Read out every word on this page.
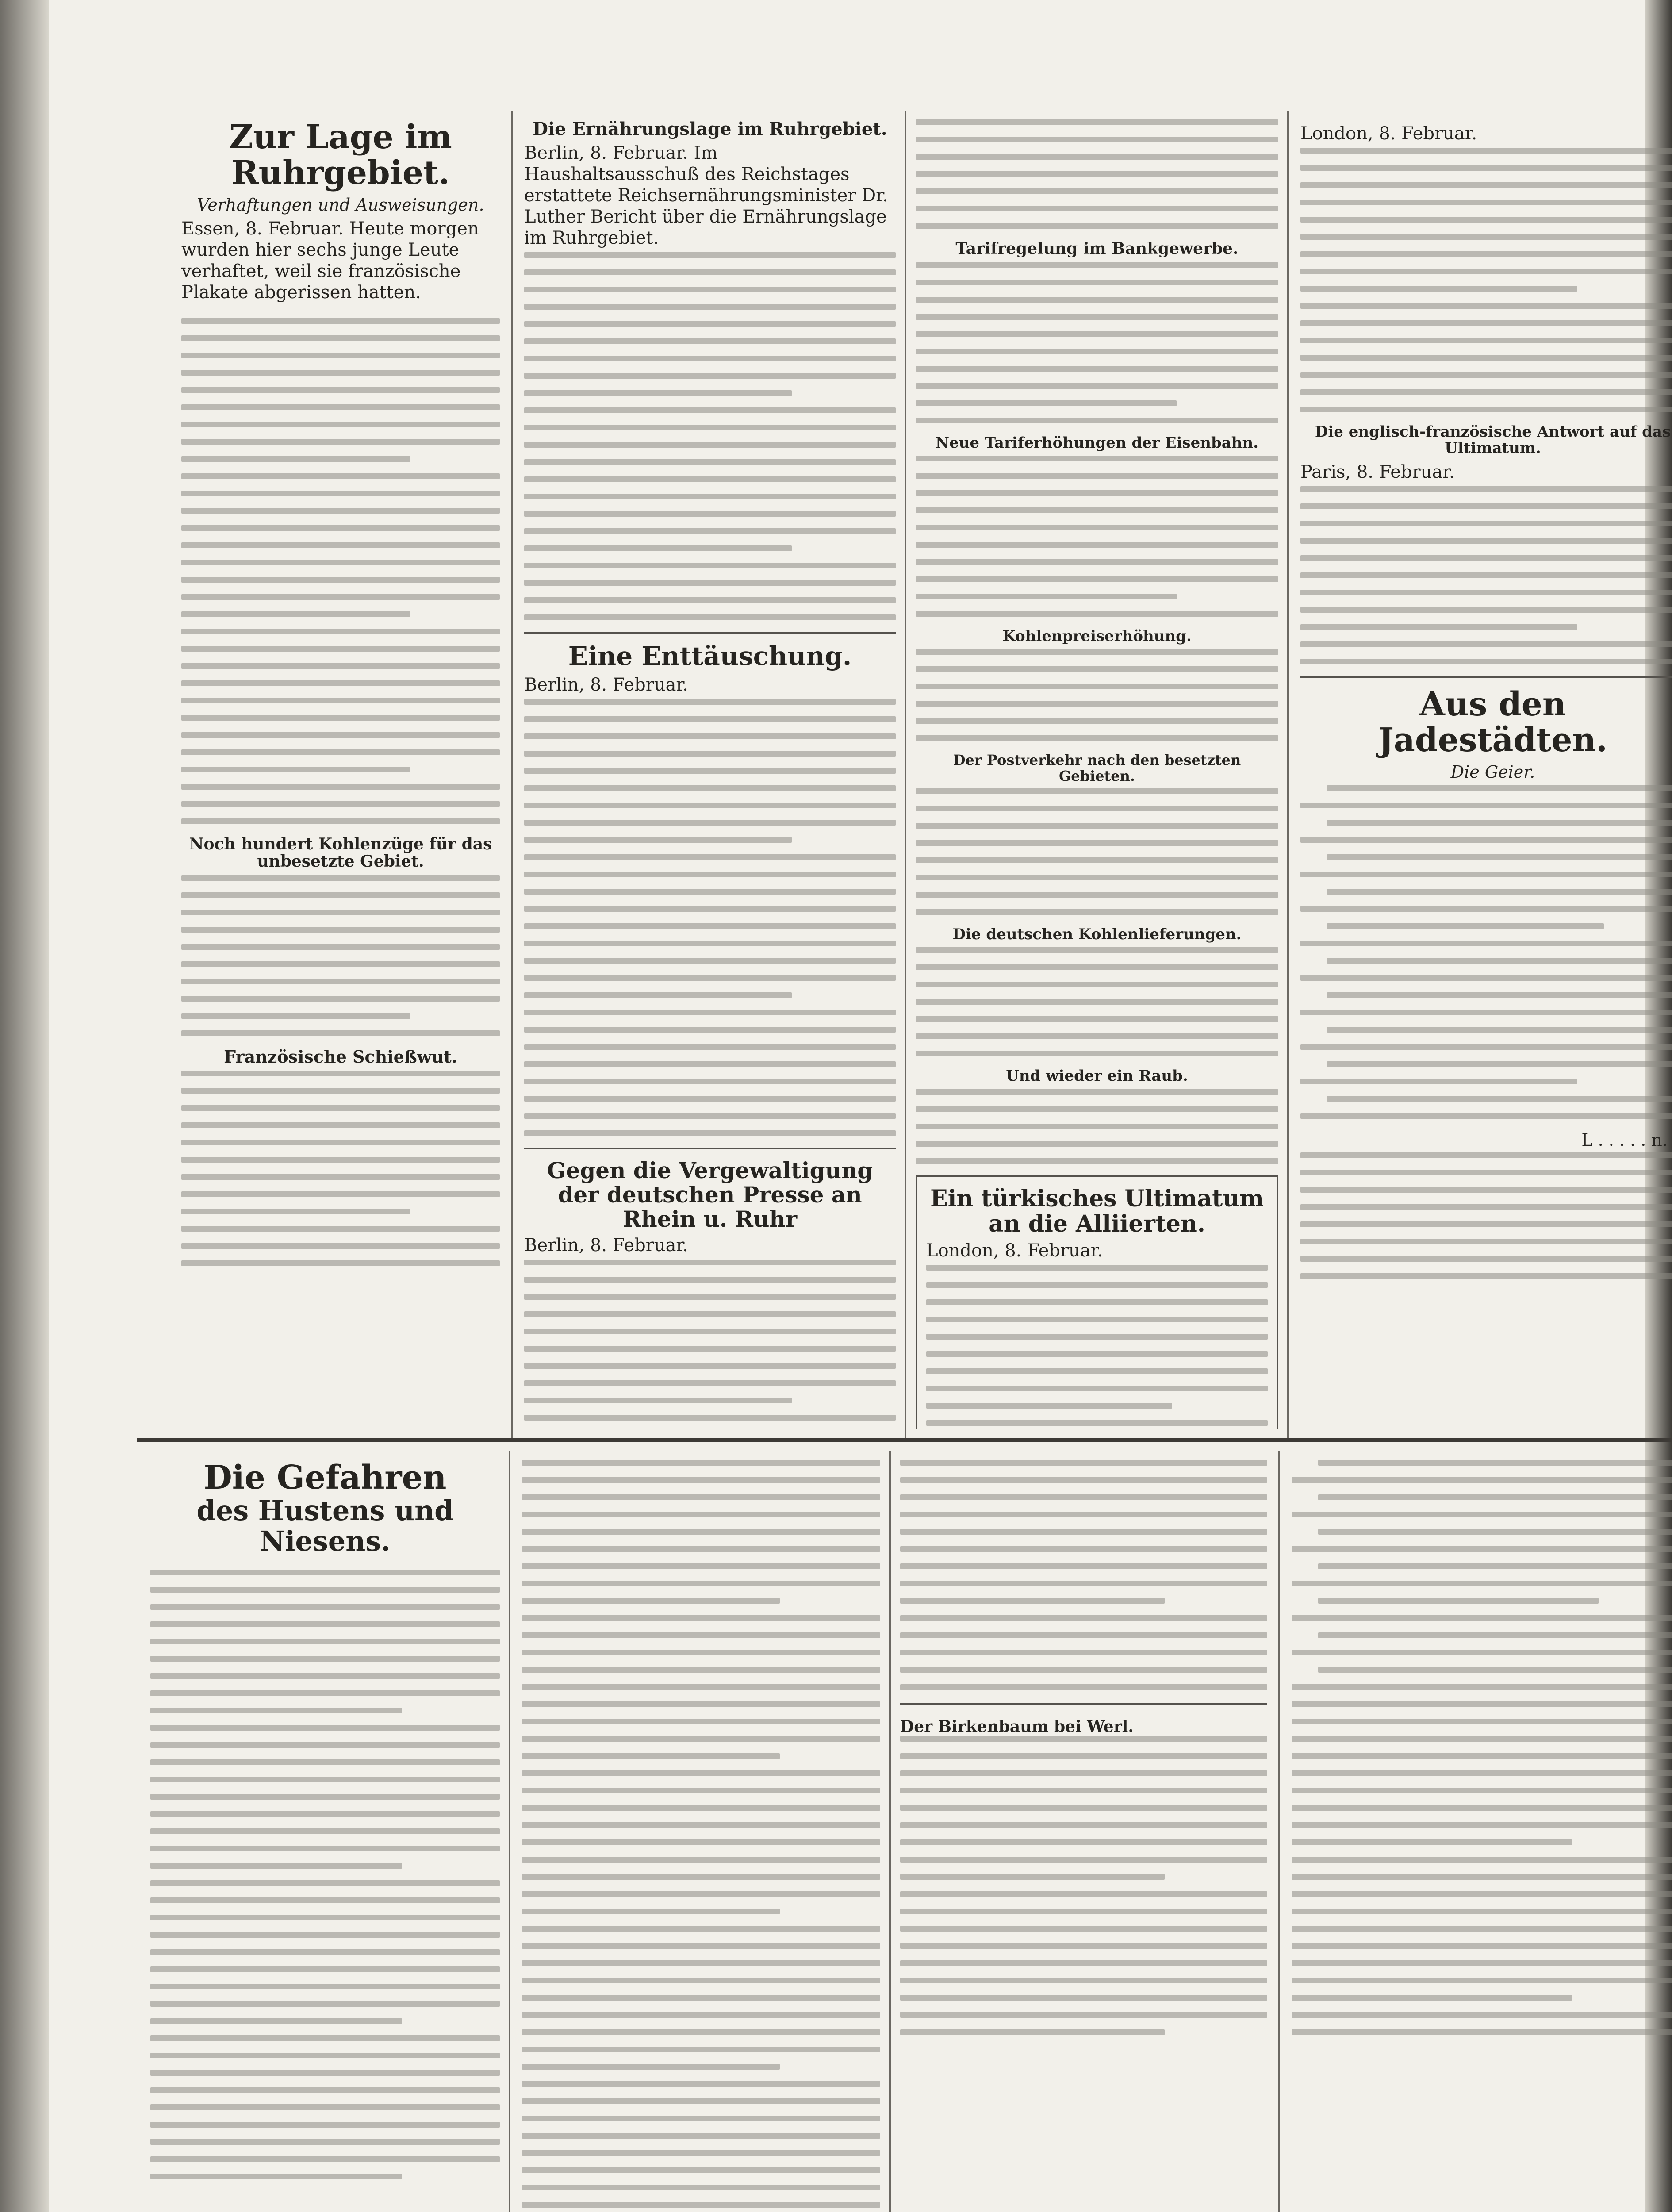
Zur Lage im Ruhrgebiet.

Verhaftungen und Ausweisungen.

Essen, 8. Februar. Heute morgen wurden hier sechs junge Leute verhaftet, weil sie französische Plakate abgerissen hatten.

Noch hundert Kohlenzüge für das unbesetzte Gebiet.

Französische Schießwut.

Die Ernährungslage im Ruhrgebiet.

Berlin, 8. Februar. Im Haushaltsausschuß des Reichstages erstattete Reichsernährungsminister Dr. Luther Bericht über die Ernährungslage im Ruhrgebiet.

Eine Enttäuschung.

Berlin, 8. Februar.

Gegen die Vergewaltigung der deutschen Presse an Rhein u. Ruhr

Berlin, 8. Februar.

Tarifregelung im Bankgewerbe.

Neue Tariferhöhungen der Eisenbahn.

Kohlenpreiserhöhung.

Der Postverkehr nach den besetzten Gebieten.

Die deutschen Kohlenlieferungen.

Und wieder ein Raub.

Ein türkisches Ultimatum an die Alliierten.

London, 8. Februar.

London, 8. Februar.

Die englisch-französische Antwort auf das Ultimatum.

Paris, 8. Februar.

Aus den Jadestädten.

Die Geier.

L . . . . . n.

Die Gefahren

des Hustens und Niesens.

Der Birkenbaum bei Werl.
